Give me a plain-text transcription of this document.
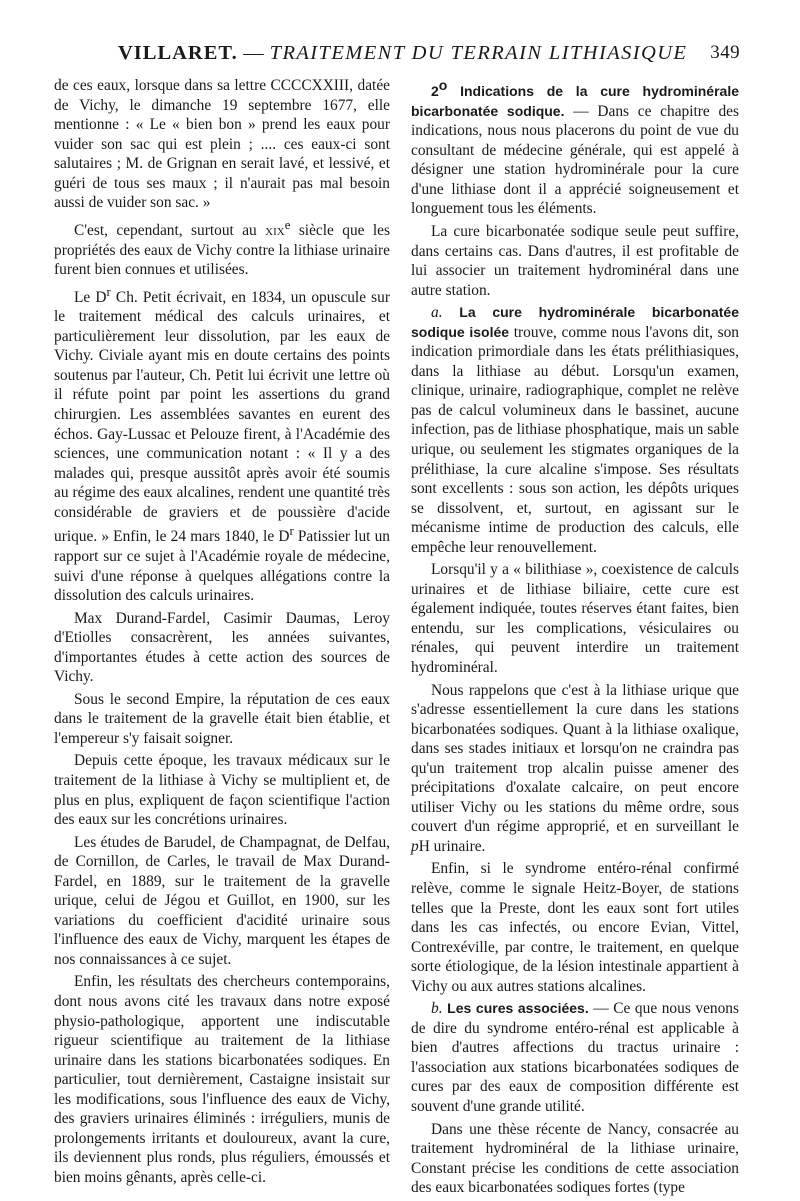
VILLARET. — TRAITEMENT DU TERRAIN LITHIASIQUE 349

de ces eaux, lorsque dans sa lettre CCCCXXIII, datée de Vichy, le dimanche 19 septembre 1677, elle mentionne : « Le « bien bon » prend les eaux pour vuider son sac qui est plein ; .... ces eaux-ci sont salutaires ; M. de Grignan en serait lavé, et lessivé, et guéri de tous ses maux ; il n'aurait pas mal besoin aussi de vuider son sac. »

C'est, cependant, surtout au xix$^e$ siècle que les propriétés des eaux de Vichy contre la lithiase urinaire furent bien connues et utilisées.

Le $D^r$ Ch. Petit écrivait, en 1834, un opuscule sur le traitement médical des calculs urinaires, et particulièrement leur dissolution, par les eaux de Vichy. Civiale ayant mis en doute certains des points soutenus par l'auteur, Ch. Petit lui écrivit une lettre où il réfute point par point les assertions du grand chirurgien. Les assemblées savantes en eurent des échos. Gay-Lussac et Pelouze firent, à l'Académie des sciences, une communication notant : « Il y a des malades qui, presque aussitôt après avoir été soumis au régime des eaux alcalines, rendent une quantité très considérable de graviers et de poussière d'acide urique. » Enfin, le 24 mars 1840, le $D^r$ Patissier lut un rapport sur ce sujet à l'Académie royale de médecine, suivi d'une réponse à quelques allégations contre la dissolution des calculs urinaires.

Max Durand-Fardel, Casimir Daumas, Leroy d'Etiolles consacrèrent, les années suivantes, d'importantes études à cette action des sources de Vichy.

Sous le second Empire, la réputation de ces eaux dans le traitement de la gravelle était bien établie, et l'empereur s'y faisait soigner.

Depuis cette époque, les travaux médicaux sur le traitement de la lithiase à Vichy se multiplient et, de plus en plus, expliquent de façon scientifique l'action des eaux sur les concrétions urinaires.

Les études de Barudel, de Champagnat, de Delfau, de Cornillon, de Carles, le travail de Max Durand-Fardel, en 1889, sur le traitement de la gravelle urique, celui de Jégou et Guillot, en 1900, sur les variations du coefficient d'acidité urinaire sous l'influence des eaux de Vichy, marquent les étapes de nos connaissances à ce sujet.

Enfin, les résultats des chercheurs contemporains, dont nous avons cité les travaux dans notre exposé physio-pathologique, apportent une indiscutable rigueur scientifique au traitement de la lithiase urinaire dans les stations bicarbonatées sodiques. En particulier, tout dernièrement, Castaigne insistait sur les modifications, sous l'influence des eaux de Vichy, des graviers urinaires éliminés : irréguliers, munis de prolongements irritants et douloureux, avant la cure, ils deviennent plus ronds, plus réguliers, émoussés et bien moins gênants, après celle-ci.

2$^o$ Indications de la cure hydrominérale bicarbonatée sodique. — Dans ce chapitre des indications, nous nous placerons du point de vue du consultant de médecine générale, qui est appelé à désigner une station hydrominérale pour la cure d'une lithiase dont il a apprécié soigneusement et longuement tous les éléments.

La cure bicarbonatée sodique seule peut suffire, dans certains cas. Dans d'autres, il est profitable de lui associer un traitement hydrominéral dans une autre station.

a. La cure hydrominérale bicarbonatée sodique isolée trouve, comme nous l'avons dit, son indication primordiale dans les états prélithiasiques, dans la lithiase au début. Lorsqu'un examen, clinique, urinaire, radiographique, complet ne relève pas de calcul volumineux dans le bassinet, aucune infection, pas de lithiase phosphatique, mais un sable urique, ou seulement les stigmates organiques de la prélithiase, la cure alcaline s'impose. Ses résultats sont excellents : sous son action, les dépôts uriques se dissolvent, et, surtout, en agissant sur le mécanisme intime de production des calculs, elle empêche leur renouvellement.

Lorsqu'il y a « bilithiase », coexistence de calculs urinaires et de lithiase biliaire, cette cure est également indiquée, toutes réserves étant faites, bien entendu, sur les complications, vésiculaires ou rénales, qui peuvent interdire un traitement hydrominéral.

Nous rappelons que c'est à la lithiase urique que s'adresse essentiellement la cure dans les stations bicarbonatées sodiques. Quant à la lithiase oxalique, dans ses stades initiaux et lorsqu'on ne craindra pas qu'un traitement trop alcalin puisse amener des précipitations d'oxalate calcaire, on peut encore utiliser Vichy ou les stations du même ordre, sous couvert d'un régime approprié, et en surveillant le pH urinaire.

Enfin, si le syndrome entéro-rénal confirmé relève, comme le signale Heitz-Boyer, de stations telles que la Preste, dont les eaux sont fort utiles dans les cas infectés, ou encore Evian, Vittel, Contrexéville, par contre, le traitement, en quelque sorte étiologique, de la lésion intestinale appartient à Vichy ou aux autres stations alcalines.

b. Les cures associées. — Ce que nous venons de dire du syndrome entéro-rénal est applicable à bien d'autres affections du tractus urinaire : l'association aux stations bicarbonatées sodiques de cures par des eaux de composition différente est souvent d'une grande utilité.

Dans une thèse récente de Nancy, consacrée au traitement hydrominéral de la lithiase urinaire, Constant précise les conditions de cette association des eaux bicarbonatées sodiques fortes (type
